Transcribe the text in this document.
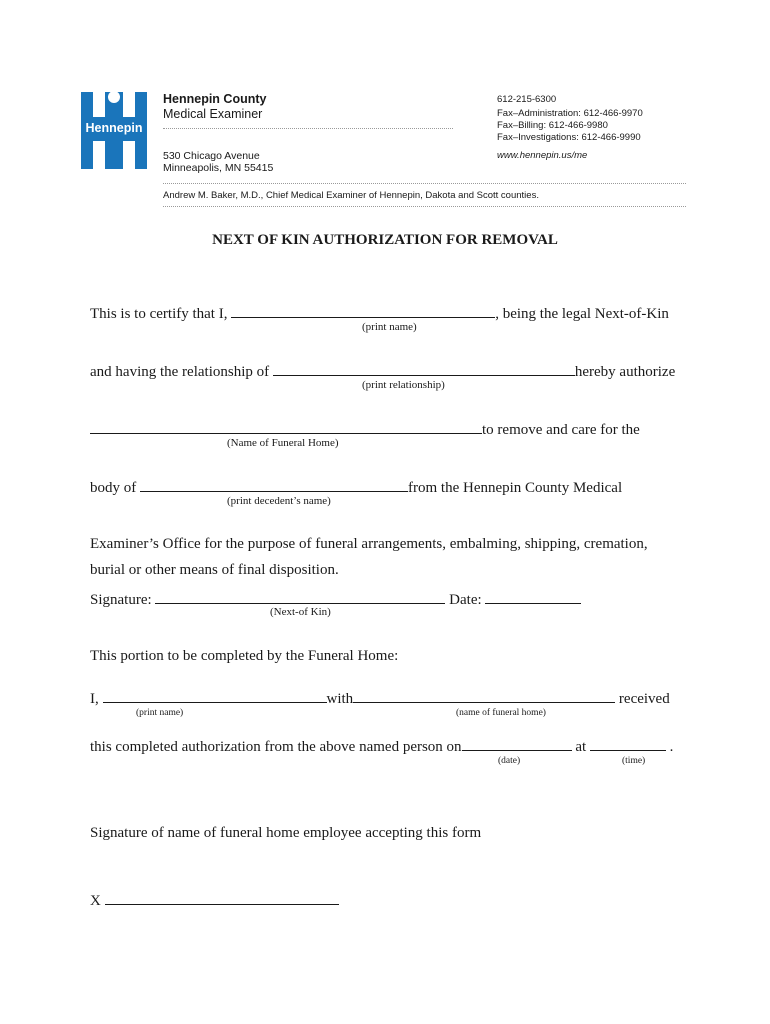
Hennepin
Hennepin County
Medical Examiner
530 Chicago Avenue
Minneapolis, MN 55415
612-215-6300
Fax–Administration: 612-466-9970
Fax–Billing: 612-466-9980
Fax–Investigations: 612-466-9990
www.hennepin.us/me
Andrew M. Baker, M.D., Chief Medical Examiner of Hennepin, Dakota and Scott counties.
NEXT OF KIN AUTHORIZATION FOR REMOVAL
This is to certify that I,	, being the legal Next-of-Kin
(print name)
and having the relationship of	hereby authorize
(print relationship)
to remove and care for the
(Name of Funeral Home)
body of	from the Hennepin County Medical
(print decedent’s name)
Examiner’s Office for the purpose of funeral arrangements, embalming, shipping, cremation,
burial or other means of final disposition.
Signature:	Date:
(Next-of Kin)
This portion to be completed by the Funeral Home:
I,	with	received
(print name)	(name of funeral home)
this completed authorization from the above named person on	at	.
(date)	(time)
Signature of name of funeral home employee accepting this form
X
